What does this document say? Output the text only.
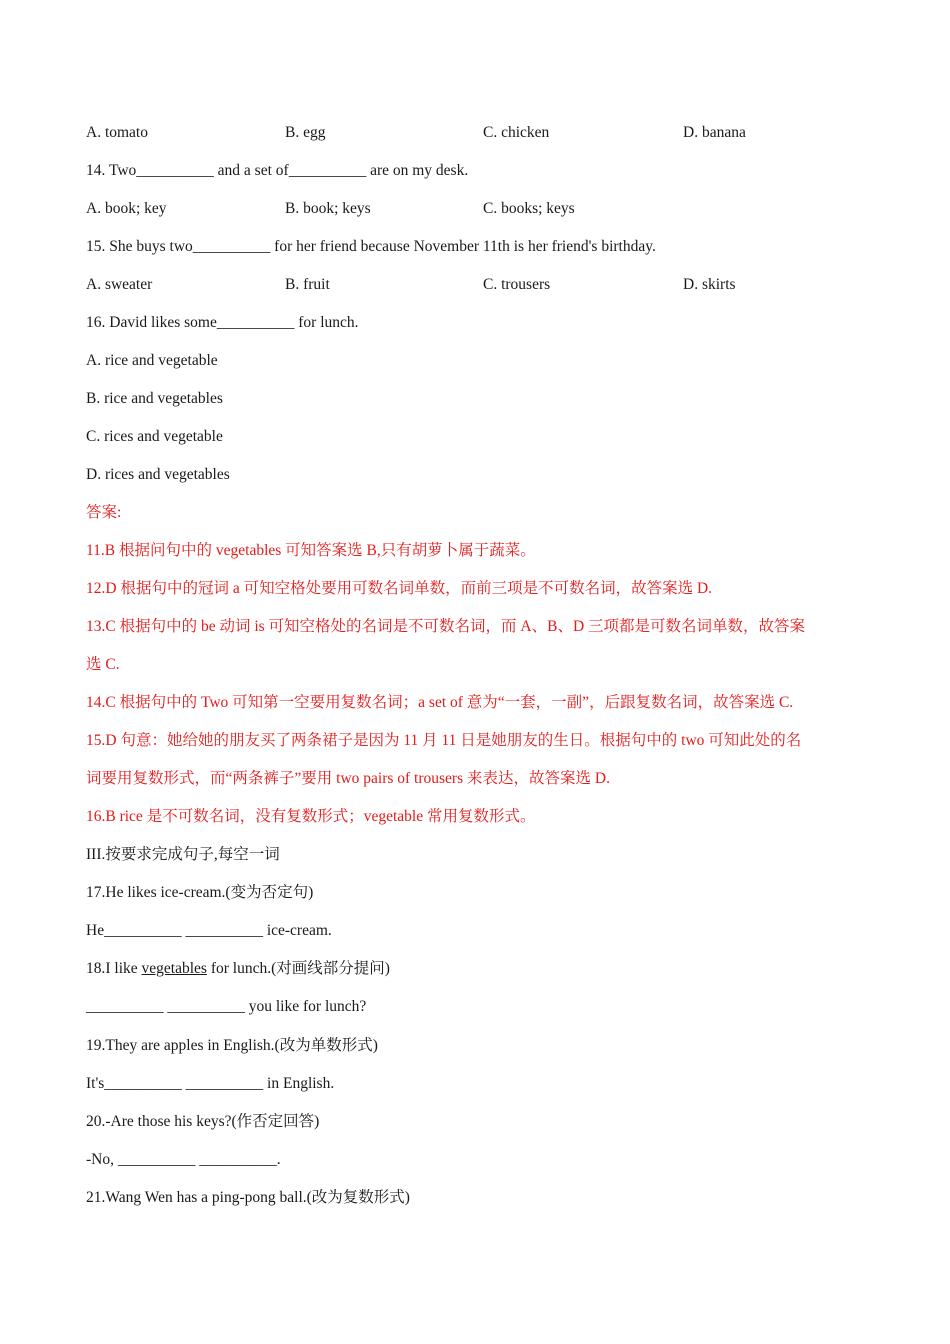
A. tomato	B. egg	C. chicken	D. banana
14. Two__________ and a set of__________ are on my desk.
A. book; key	B. book; keys	C. books; keys
15. She buys two__________ for her friend because November 11th is her friend's birthday.
A. sweater	B. fruit	C. trousers	D. skirts
16. David likes some__________ for lunch.
A. rice and vegetable
B. rice and vegetables
C. rices and vegetable
D. rices and vegetables
答案:
11.B 根据问句中的 vegetables 可知答案选 B,只有胡萝卜属于蔬菜。
12.D 根据句中的冠词 a 可知空格处要用可数名词单数，而前三项是不可数名词，故答案选 D.
13.C 根据句中的 be 动词 is 可知空格处的名词是不可数名词，而 A、B、D 三项都是可数名词单数，故答案
选 C.
14.C 根据句中的 Two 可知第一空要用复数名词；a set of 意为“一套，一副”，后跟复数名词，故答案选 C.
15.D 句意：她给她的朋友买了两条裙子是因为 11 月 11 日是她朋友的生日。根据句中的 two 可知此处的名
词要用复数形式，而“两条裤子”要用 two pairs of trousers 来表达，故答案选 D.
16.B rice 是不可数名词，没有复数形式；vegetable 常用复数形式。
III.按要求完成句子,每空一词
17.He likes ice-cream.(变为否定句)
He__________ __________ ice-cream.
18.I like vegetables for lunch.(对画线部分提问)
__________ __________ you like for lunch?
19.They are apples in English.(改为单数形式)
It's__________ __________ in English.
20.-Are those his keys?(作否定回答)
-No, __________ __________.
21.Wang Wen has a ping-pong ball.(改为复数形式)
